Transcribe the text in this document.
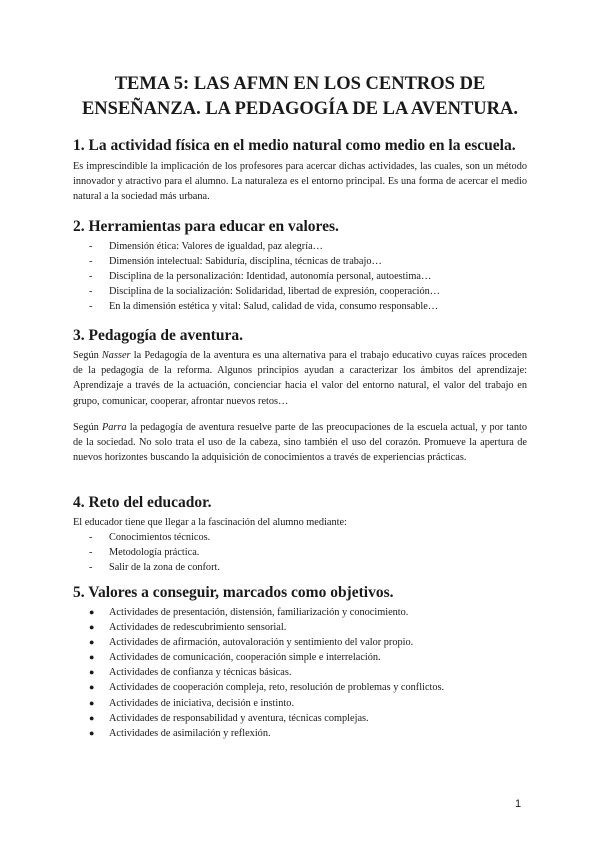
TEMA 5: LAS AFMN EN LOS CENTROS DE ENSEÑANZA. LA PEDAGOGÍA DE LA AVENTURA.
1. La actividad física en el medio natural como medio en la escuela.

Es imprescindible la implicación de los profesores para acercar dichas actividades, las cuales, son un método innovador y atractivo para el alumno. La naturaleza es el entorno principal. Es una forma de acercar el medio natural a la sociedad más urbana.

2. Herramientas para educar en valores.
- Dimensión ética: Valores de igualdad, paz alegría…
- Dimensión intelectual: Sabiduría, disciplina, técnicas de trabajo…
- Disciplina de la personalización: Identidad, autonomía personal, autoestima…
- Disciplina de la socialización: Solidaridad, libertad de expresión, cooperación…
- En la dimensión estética y vital: Salud, calidad de vida, consumo responsable…
3. Pedagogía de aventura.

Según Nasser la Pedagogía de la aventura es una alternativa para el trabajo educativo cuyas raíces proceden de la pedagogía de la reforma. Algunos principios ayudan a caracterizar los ámbitos del aprendizaje: Aprendizaje a través de la actuación, concienciar hacia el valor del entorno natural, el valor del trabajo en grupo, comunicar, cooperar, afrontar nuevos retos…

Según Parra la pedagogía de aventura resuelve parte de las preocupaciones de la escuela actual, y por tanto de la sociedad. No solo trata el uso de la cabeza, sino también el uso del corazón. Promueve la apertura de nuevos horizontes buscando la adquisición de conocimientos a través de experiencias prácticas.

4. Reto del educador.

El educador tiene que llegar a la fascinación del alumno mediante:

- Conocimientos técnicos.
- Metodología práctica.
- Salir de la zona de confort.
5. Valores a conseguir, marcados como objetivos.
● Actividades de presentación, distensión, familiarización y conocimiento.
● Actividades de redescubrimiento sensorial.
● Actividades de afirmación, autovaloración y sentimiento del valor propio.
● Actividades de comunicación, cooperación simple e interrelación.
● Actividades de confianza y técnicas básicas.
● Actividades de cooperación compleja, reto, resolución de problemas y conflictos.
● Actividades de iniciativa, decisión e instinto.
● Actividades de responsabilidad y aventura, técnicas complejas.
● Actividades de asimilación y reflexión.
1
